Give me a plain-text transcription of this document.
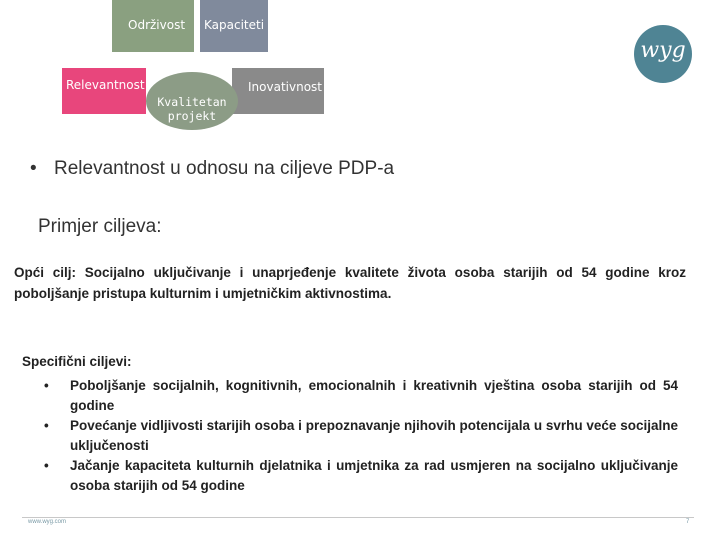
Održivost Kapaciteti
Relevantnost	Inovativnost
Kvalitetan
projekt
wyg
• Relevantnost u odnosu na ciljeve PDP-a
Primjer ciljeva:
Opći cilj: Socijalno uključivanje i unaprjeđenje kvalitete života osoba starijih od 54 godine kroz poboljšanje pristupa kulturnim i umjetničkim aktivnostima.
Specifični ciljevi:
• Poboljšanje socijalnih, kognitivnih, emocionalnih i kreativnih vještina osoba starijih od 54 godine
• Povećanje vidljivosti starijih osoba i prepoznavanje njihovih potencijala u svrhu veće socijalne uključenosti
• Jačanje kapaciteta kulturnih djelatnika i umjetnika za rad usmjeren na socijalno uključivanje osoba starijih od 54 godine
www.wyg.com	7
